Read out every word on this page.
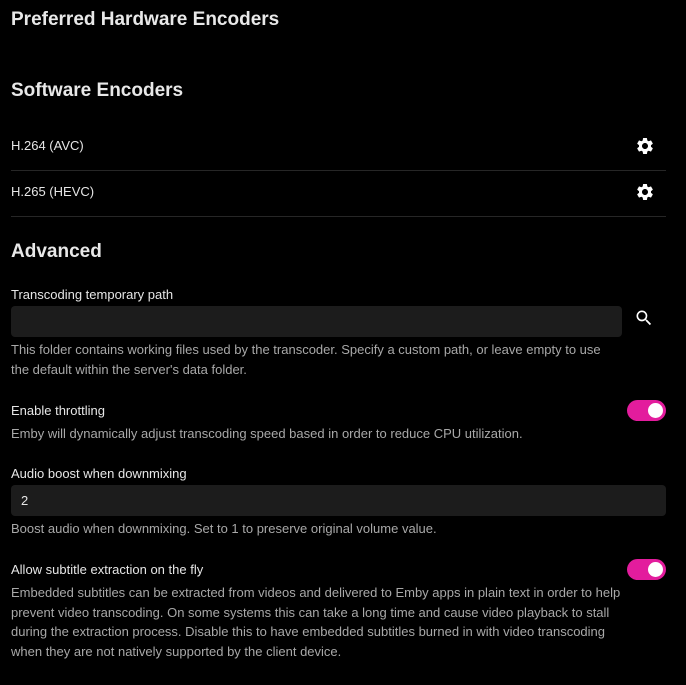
Preferred Hardware Encoders
Software Encoders
H.264 (AVC)
H.265 (HEVC)
Advanced
Transcoding temporary path
This folder contains working files used by the transcoder. Specify a custom path, or leave empty to use
the default within the server's data folder.
Enable throttling
Emby will dynamically adjust transcoding speed based in order to reduce CPU utilization.
Audio boost when downmixing
2
Boost audio when downmixing. Set to 1 to preserve original volume value.
Allow subtitle extraction on the fly
Embedded subtitles can be extracted from videos and delivered to Emby apps in plain text in order to help
prevent video transcoding. On some systems this can take a long time and cause video playback to stall
during the extraction process. Disable this to have embedded subtitles burned in with video transcoding
when they are not natively supported by the client device.
